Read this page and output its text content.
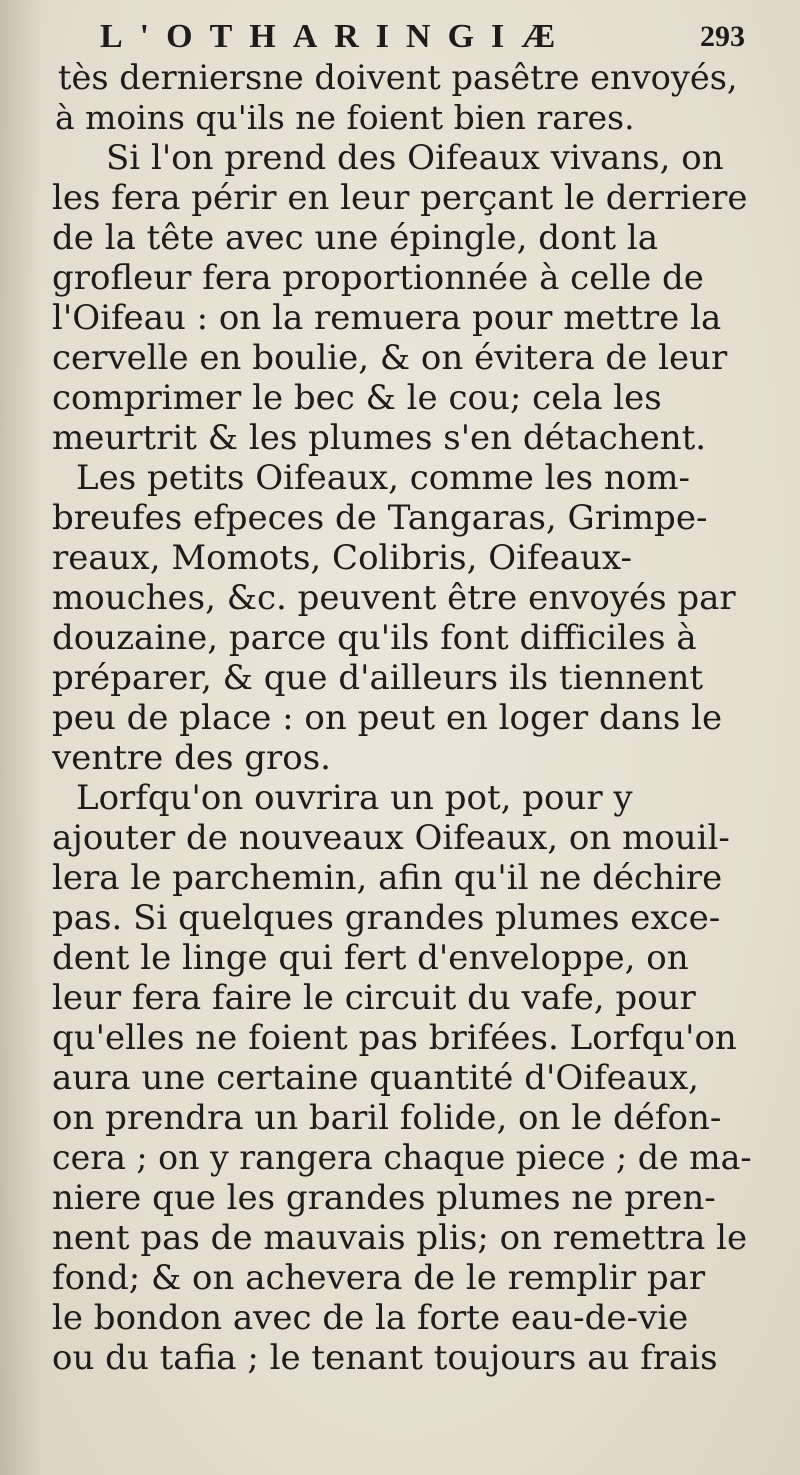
L'OTHARINGIÆ	293
tès derniersne doivent pasêtre envoyés,
à moins qu'ils ne foient bien rares.
Si l'on prend des Oifeaux vivans, on
les fera périr en leur perçant le derriere
de la tête avec une épingle, dont la
grofleur fera proportionnée à celle de
l'Oifeau : on la remuera pour mettre la
cervelle en boulie, & on évitera de leur
comprimer le bec & le cou; cela les
meurtrit & les plumes s'en détachent.
Les petits Oifeaux, comme les nom-
breufes efpeces de Tangaras, Grimpe-
reaux, Momots, Colibris, Oifeaux-
mouches, &c. peuvent être envoyés par
douzaine, parce qu'ils font difficiles à
préparer, & que d'ailleurs ils tiennent
peu de place : on peut en loger dans le
ventre des gros.
Lorfqu'on ouvrira un pot, pour y
ajouter de nouveaux Oifeaux, on mouil-
lera le parchemin, afin qu'il ne déchire
pas. Si quelques grandes plumes exce-
dent le linge qui fert d'enveloppe, on
leur fera faire le circuit du vafe, pour
qu'elles ne foient pas brifées. Lorfqu'on
aura une certaine quantité d'Oifeaux,
on prendra un baril folide, on le défon-
cera ; on y rangera chaque piece ; de ma-
niere que les grandes plumes ne pren-
nent pas de mauvais plis; on remettra le
fond; & on achevera de le remplir par
le bondon avec de la forte eau-de-vie
ou du tafia ; le tenant toujours au frais
